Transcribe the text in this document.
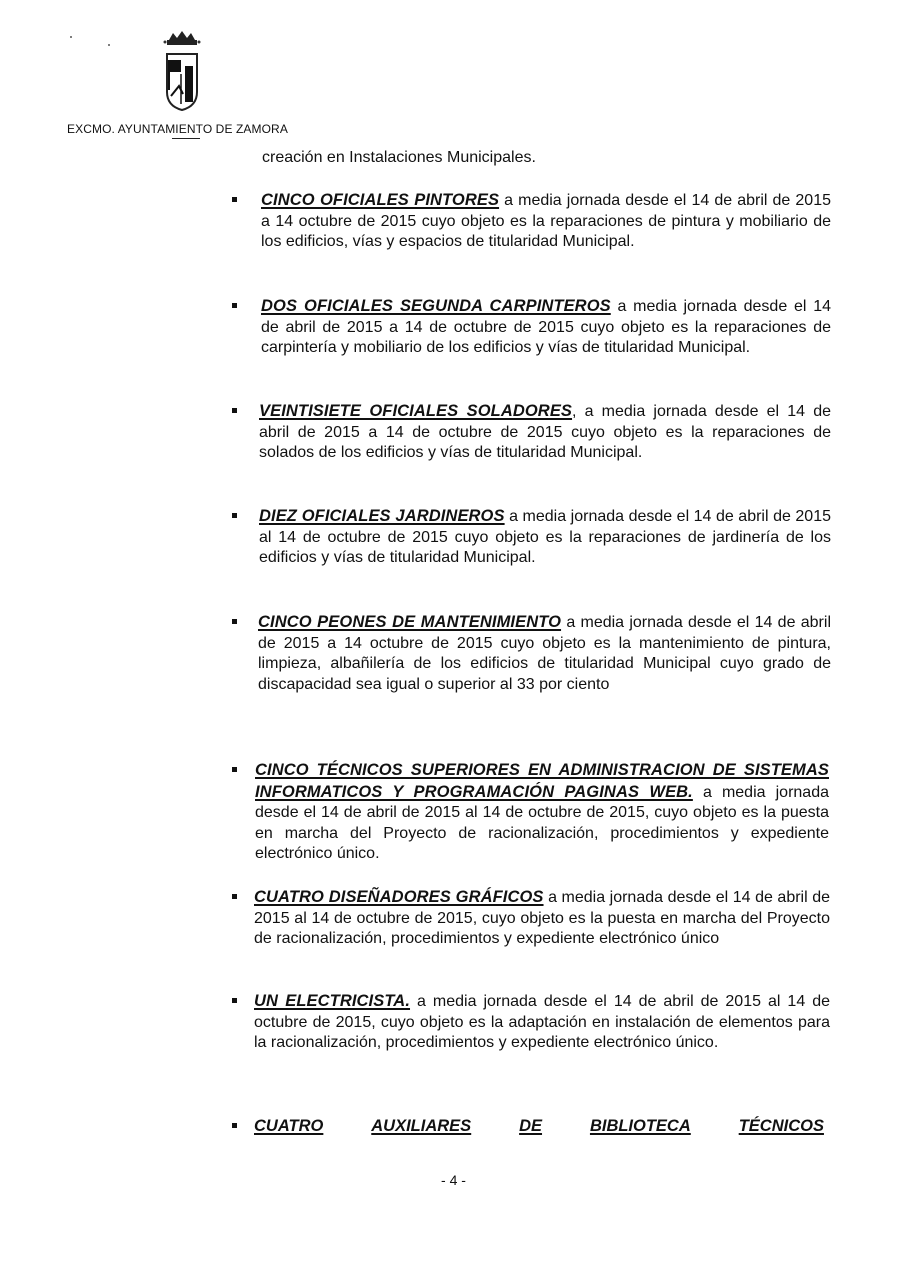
EXCMO. AYUNTAMIENTO DE ZAMORA
creación en Instalaciones Municipales.
CINCO OFICIALES PINTORES a media jornada desde el 14 de abril de 2015 a 14 octubre de 2015 cuyo objeto es la reparaciones de pintura y mobiliario de los edificios, vías y espacios de titularidad Municipal.
DOS OFICIALES SEGUNDA CARPINTEROS a media jornada desde el 14 de abril de 2015 a 14 de octubre de 2015 cuyo objeto es la reparaciones de carpintería y mobiliario de los edificios y vías de titularidad Municipal.
VEINTISIETE OFICIALES SOLADORES, a media jornada desde el 14 de abril de 2015 a 14 de octubre de 2015 cuyo objeto es la reparaciones de solados de los edificios y vías de titularidad Municipal.
DIEZ OFICIALES JARDINEROS a media jornada desde el 14 de abril de 2015 al 14 de octubre de 2015 cuyo objeto es la reparaciones de jardinería de los edificios y vías de titularidad Municipal.
CINCO PEONES DE MANTENIMIENTO a media jornada desde el 14 de abril de 2015 a 14 octubre de 2015 cuyo objeto es la mantenimiento de pintura, limpieza, albañilería de los edificios de titularidad Municipal cuyo grado de discapacidad sea igual o superior al 33 por ciento
CINCO TÉCNICOS SUPERIORES EN ADMINISTRACION DE SISTEMAS INFORMATICOS Y PROGRAMACIÓN PAGINAS WEB. a media jornada desde el 14 de abril de 2015 al 14 de octubre de 2015, cuyo objeto es la puesta en marcha del Proyecto de racionalización, procedimientos y expediente electrónico único.
CUATRO DISEÑADORES GRÁFICOS a media jornada desde el 14 de abril de 2015 al 14 de octubre de 2015, cuyo objeto es la puesta en marcha del Proyecto de racionalización, procedimientos y expediente electrónico único
UN ELECTRICISTA. a media jornada desde el 14 de abril de 2015 al 14 de octubre de 2015, cuyo objeto es la adaptación en instalación de elementos para la racionalización, procedimientos y expediente electrónico único.
CUATRO	AUXILIARES	DE	BIBLIOTECA	TÉCNICOS
- 4 -
